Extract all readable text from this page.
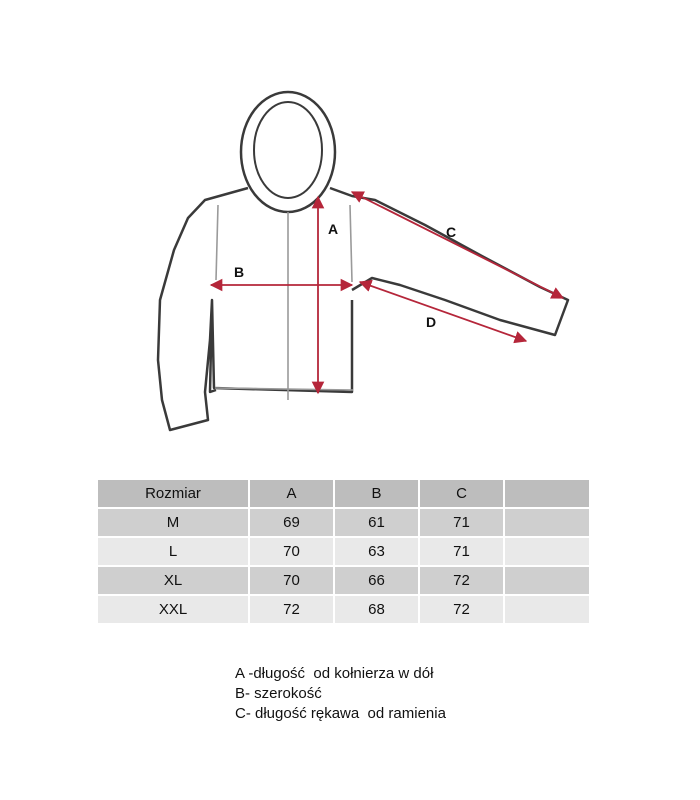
A
B
C
D
Rozmiar	A	B	C	
M	69	61	71	
L	70	63	71	
XL	70	66	72	
XXL	72	68	72	
A -długość  od kołnierza w dół
B- szerokość
C- długość rękawa  od ramienia
